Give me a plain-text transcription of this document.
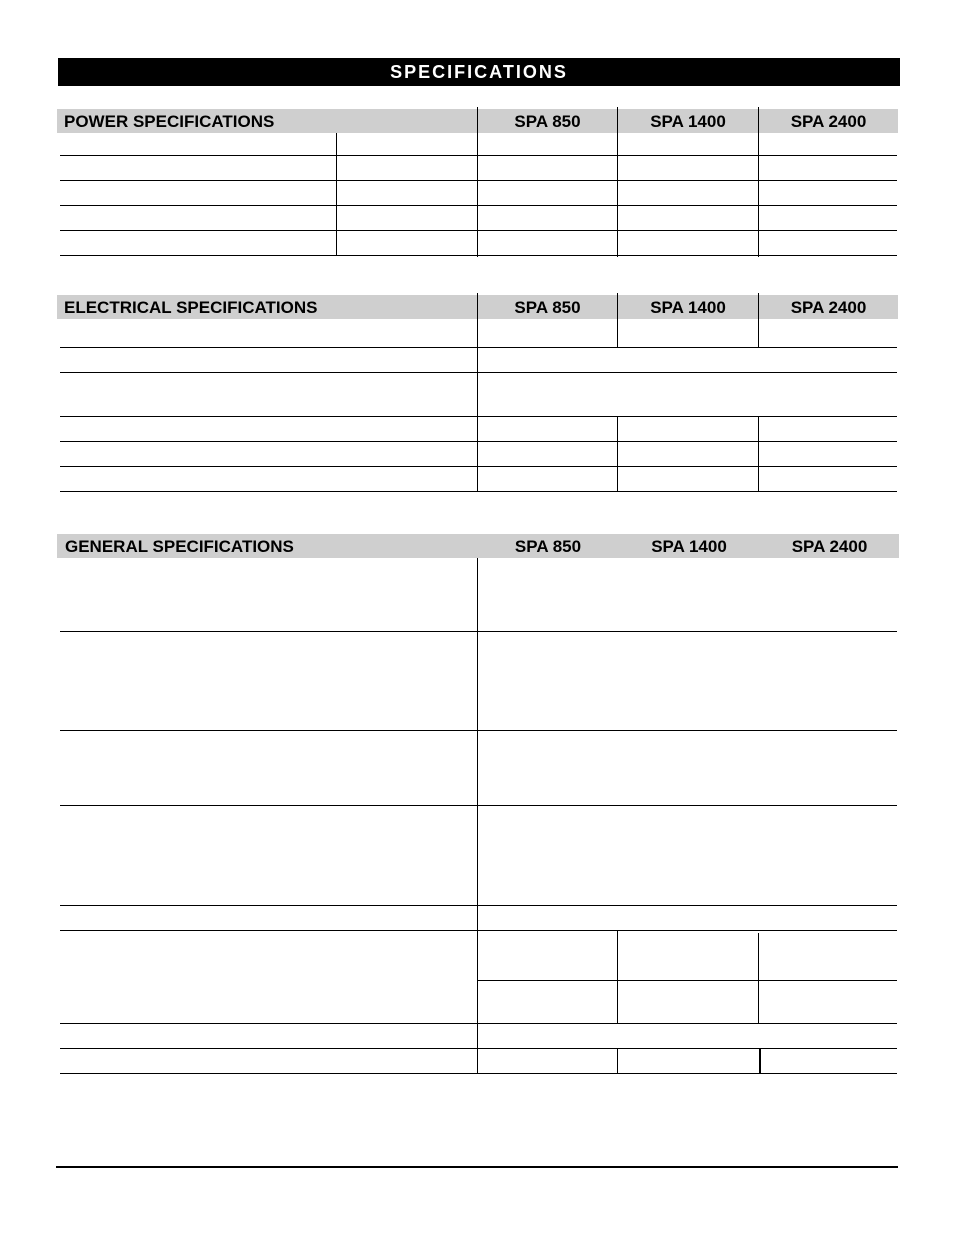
SPECIFICATIONS
POWER SPECIFICATIONS	SPA 850	SPA 1400	SPA 2400
ELECTRICAL SPECIFICATIONS	SPA 850	SPA 1400	SPA 2400
GENERAL SPECIFICATIONS	SPA 850	SPA 1400	SPA 2400
